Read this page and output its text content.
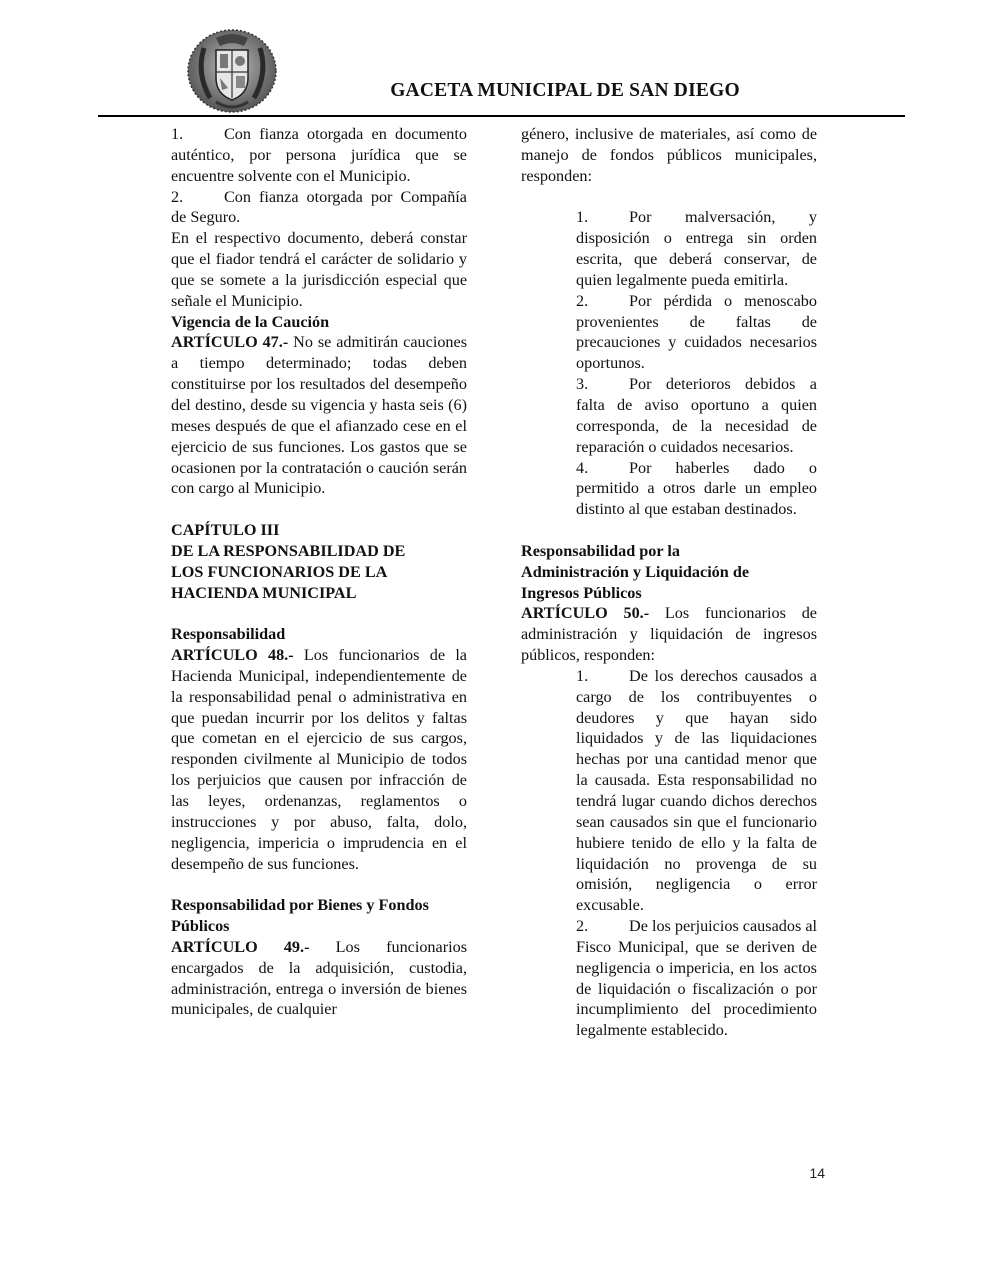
GACETA MUNICIPAL DE SAN DIEGO

1.	Con fianza otorgada en documento auténtico, por persona jurídica que se encuentre solvente con el Municipio.

2.	Con fianza otorgada por Compañía de Seguro.

En el respectivo documento, deberá constar que el fiador tendrá el carácter de solidario y que se somete a la jurisdicción especial que señale el Municipio.

Vigencia de la Caución

ARTÍCULO 47.- No se admitirán cauciones a tiempo determinado; todas deben constituirse por los resultados del desempeño del destino, desde su vigencia y hasta seis (6) meses después de que el afianzado cese en el ejercicio de sus funciones. Los gastos que se ocasionen por la contratación o caución serán con cargo al Municipio.

CAPÍTULO III

DE LA RESPONSABILIDAD DE

LOS FUNCIONARIOS DE LA

HACIENDA MUNICIPAL

Responsabilidad

ARTÍCULO 48.- Los funcionarios de la Hacienda Municipal, independientemente de la responsabilidad penal o administrativa en que puedan incurrir por los delitos y faltas que cometan en el ejercicio de sus cargos, responden civilmente al Municipio de todos los perjuicios que causen por infracción de las leyes, ordenanzas, reglamentos o instrucciones y por abuso, falta, dolo, negligencia, impericia o imprudencia en el desempeño de sus funciones.

Responsabilidad por Bienes y Fondos

Públicos

ARTÍCULO 49.- Los funcionarios encargados de la adquisición, custodia, administración, entrega o inversión de bienes municipales, de cualquier

género, inclusive de materiales, así como de manejo de fondos públicos municipales, responden:

1.	Por malversación, y disposición o entrega sin orden escrita, que deberá conservar, de quien legalmente pueda emitirla.

2.	Por pérdida o menoscabo provenientes de faltas de precauciones y cuidados necesarios oportunos.

3.	Por deterioros debidos a falta de aviso oportuno a quien corresponda, de la necesidad de reparación o cuidados necesarios.

4.	Por haberles dado o permitido a otros darle un empleo distinto al que estaban destinados.

Responsabilidad por la

Administración y Liquidación de

Ingresos Públicos

ARTÍCULO 50.- Los funcionarios de administración y liquidación de ingresos públicos, responden:

1.	De los derechos causados a cargo de los contribuyentes o deudores y que hayan sido liquidados y de las liquidaciones hechas por una cantidad menor que la causada. Esta responsabilidad no tendrá lugar cuando dichos derechos sean causados sin que el funcionario hubiere tenido de ello y la falta de liquidación no provenga de su omisión, negligencia o error excusable.

2.	De los perjuicios causados al Fisco Municipal, que se deriven de negligencia o impericia, en los actos de liquidación o fiscalización o por incumplimiento del procedimiento legalmente establecido.

14
